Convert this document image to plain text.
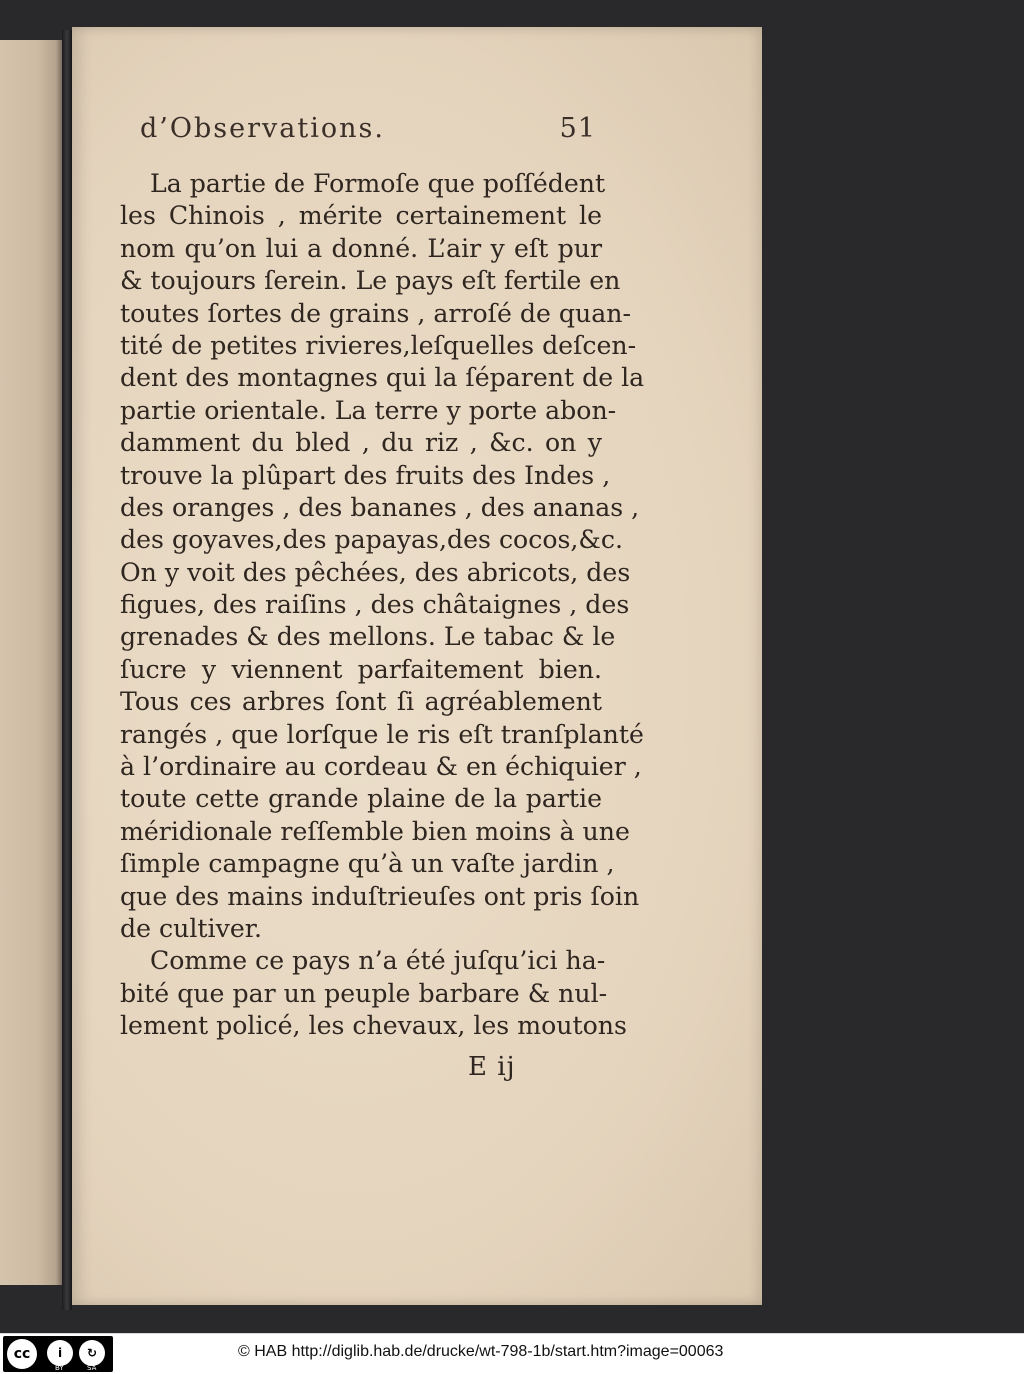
d’Observations.	51
La partie de Formoſe que poſſédent
les Chinois , mérite certainement le
nom qu’on lui a donné. L’air y eſt pur
& toujours ſerein. Le pays eſt fertile en
toutes ſortes de grains , arroſé de quan-
tité de petites rivieres,leſquelles deſcen-
dent des montagnes qui la ſéparent de la
partie orientale. La terre y porte abon-
damment du bled , du riz , &c. on y
trouve la plûpart des fruits des Indes ,
des oranges , des bananes , des ananas ,
des goyaves,des papayas,des cocos,&c.
On y voit des pêchées, des abricots, des
figues, des raiſins , des châtaignes , des
grenades & des mellons. Le tabac & le
ſucre y viennent parfaitement bien.
Tous ces arbres ſont ſi agréablement
rangés , que lorſque le ris eſt tranſplanté
à l’ordinaire au cordeau & en échiquier ,
toute cette grande plaine de la partie
méridionale reſſemble bien moins à une
ſimple campagne qu’à un vaſte jardin ,
que des mains induſtrieuſes ont pris ſoin
de cultiver.
Comme ce pays n’a été juſqu’ici ha-
bité que par un peuple barbare & nul-
lement policé, les chevaux, les moutons
E ij
cc	i	↻
BY	SA
© HAB http://diglib.hab.de/drucke/wt-798-1b/start.htm?image=00063
